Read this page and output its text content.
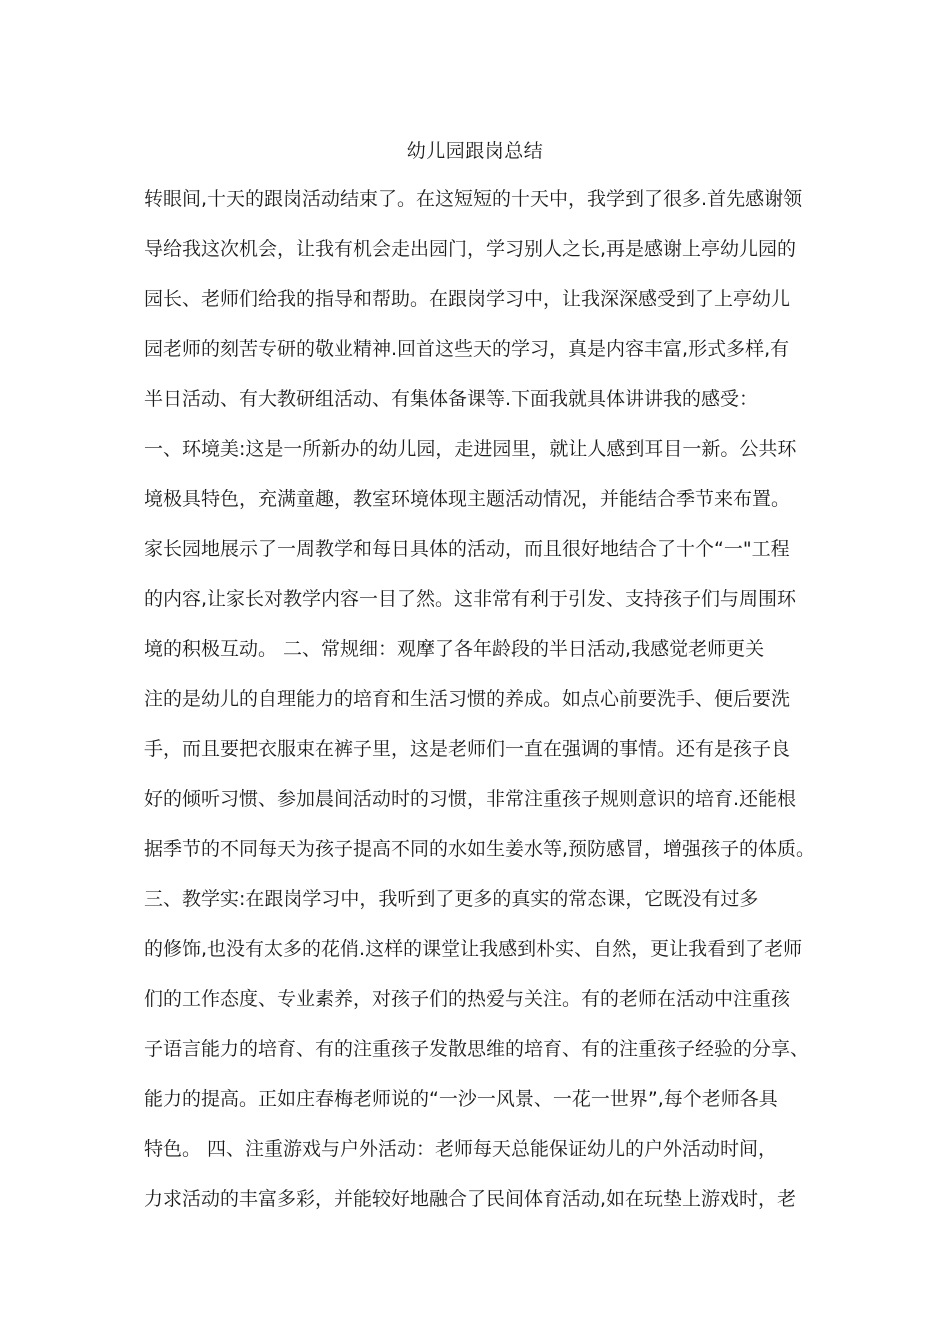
幼儿园跟岗总结
转眼间,十天的跟岗活动结束了。在这短短的十天中，我学到了很多.首先感谢领
导给我这次机会，让我有机会走出园门，学习别人之长,再是感谢上亭幼儿园的
园长、老师们给我的指导和帮助。在跟岗学习中，让我深深感受到了上亭幼儿
园老师的刻苦专研的敬业精神.回首这些天的学习，真是内容丰富,形式多样,有
半日活动、有大教研组活动、有集体备课等.下面我就具体讲讲我的感受：
一、环境美:这是一所新办的幼儿园，走进园里，就让人感到耳目一新。公共环
境极具特色，充满童趣，教室环境体现主题活动情况，并能结合季节来布置。
家长园地展示了一周教学和每日具体的活动，而且很好地结合了十个“一"工程
的内容,让家长对教学内容一目了然。这非常有利于引发、支持孩子们与周围环
境的积极互动。 二、常规细：观摩了各年龄段的半日活动,我感觉老师更关
注的是幼儿的自理能力的培育和生活习惯的养成。如点心前要洗手、便后要洗
手，而且要把衣服束在裤子里，这是老师们一直在强调的事情。还有是孩子良
好的倾听习惯、参加晨间活动时的习惯，非常注重孩子规则意识的培育.还能根
据季节的不同每天为孩子提高不同的水如生姜水等,预防感冒，增强孩子的体质。
三、教学实:在跟岗学习中，我听到了更多的真实的常态课，它既没有过多
的修饰,也没有太多的花俏.这样的课堂让我感到朴实、自然，更让我看到了老师
们的工作态度、专业素养，对孩子们的热爱与关注。有的老师在活动中注重孩
子语言能力的培育、有的注重孩子发散思维的培育、有的注重孩子经验的分享、
能力的提高。正如庄春梅老师说的“一沙一风景、一花一世界”,每个老师各具
特色。 四、注重游戏与户外活动：老师每天总能保证幼儿的户外活动时间，
力求活动的丰富多彩，并能较好地融合了民间体育活动,如在玩垫上游戏时，老
